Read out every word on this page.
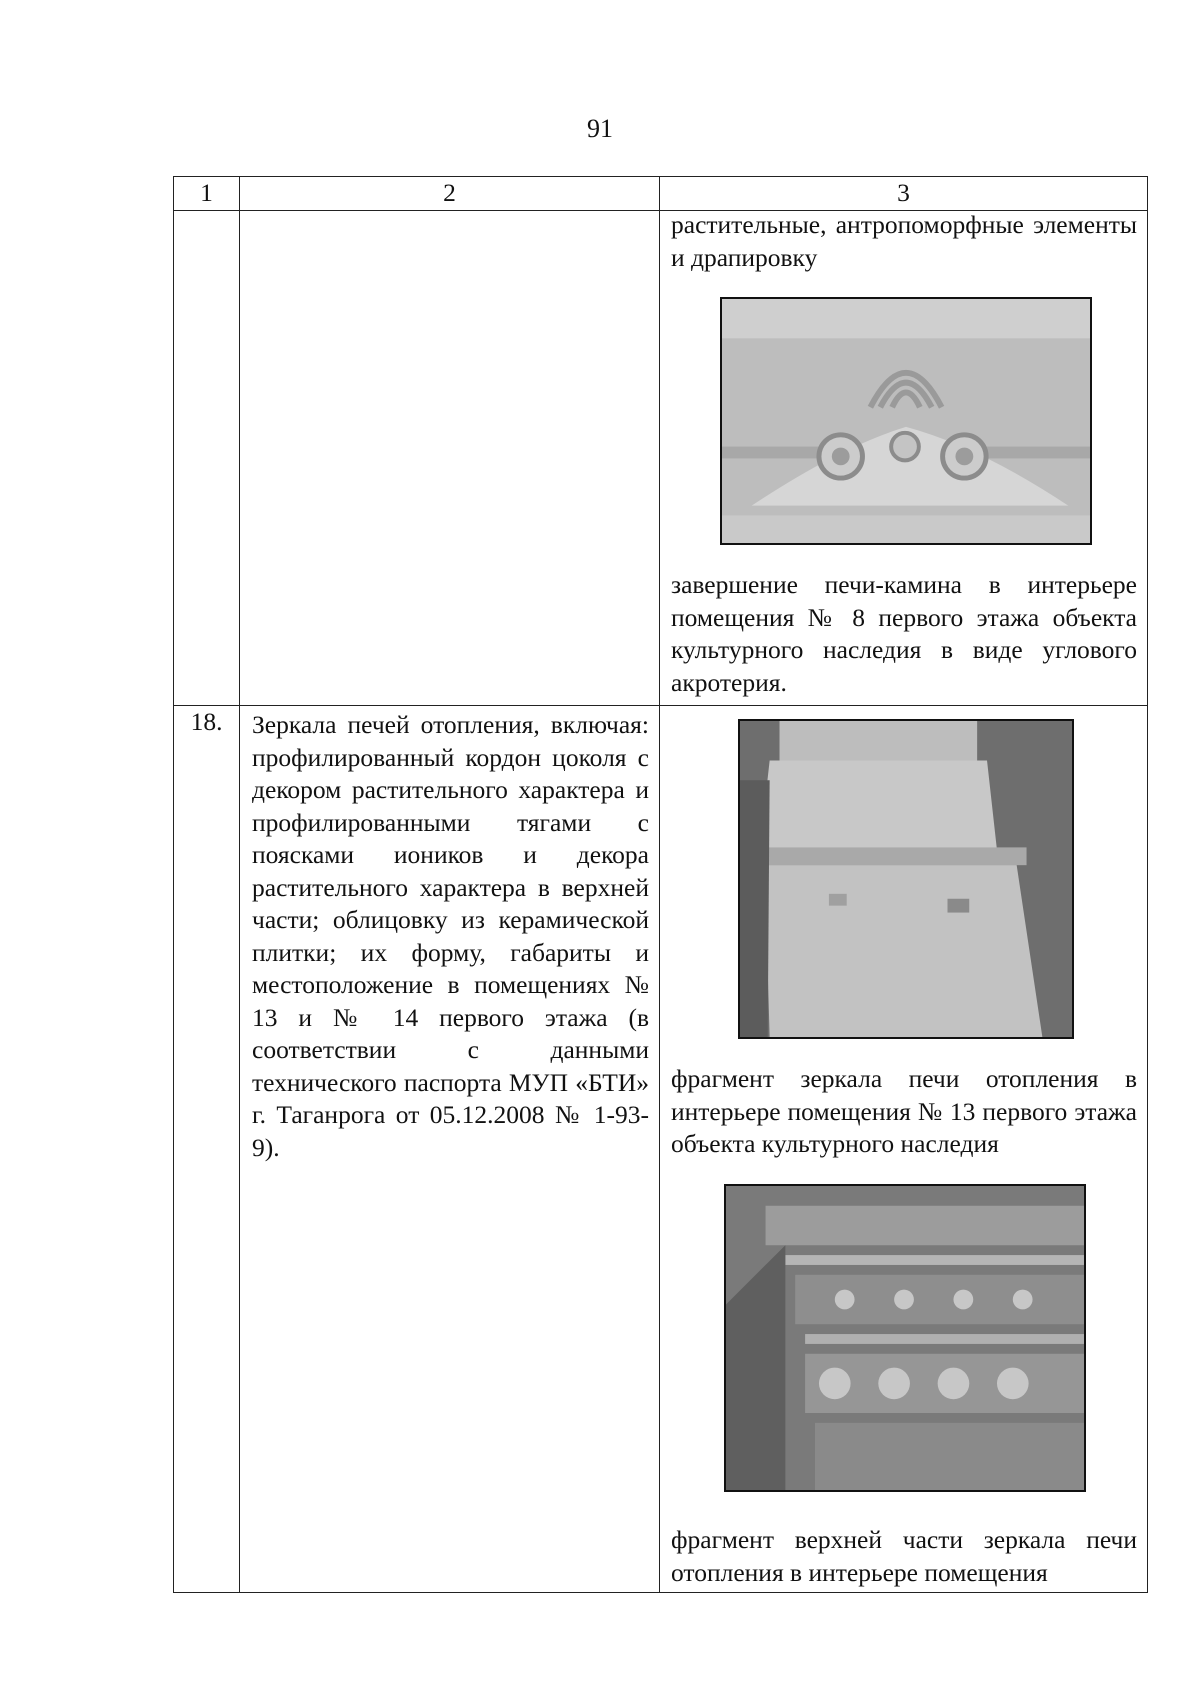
91
1	2	3

		растительные, антропоморфные элементы и драпировку

завершение печи-камина в интерьере помещения № 8 первого этажа объекта культурного наследия в виде углового акротерия.

18.	Зеркала печей отопления, включая: профилированный кордон цоколя с декором растительного характера и профилированными тягами с поясками иоников и декора растительного характера в верхней части; облицовку из керамической плитки; их форму, габариты и местоположение в помещениях № 13 и № 14 первого этажа (в соответствии с данными технического паспорта МУП «БТИ» г. Таганрога от 05.12.2008 № 1-93-9).	фрагмент зеркала печи отопления в интерьере помещения № 13 первого этажа объекта культурного наследия

фрагмент верхней части зеркала печи отопления в интерьере помещения
